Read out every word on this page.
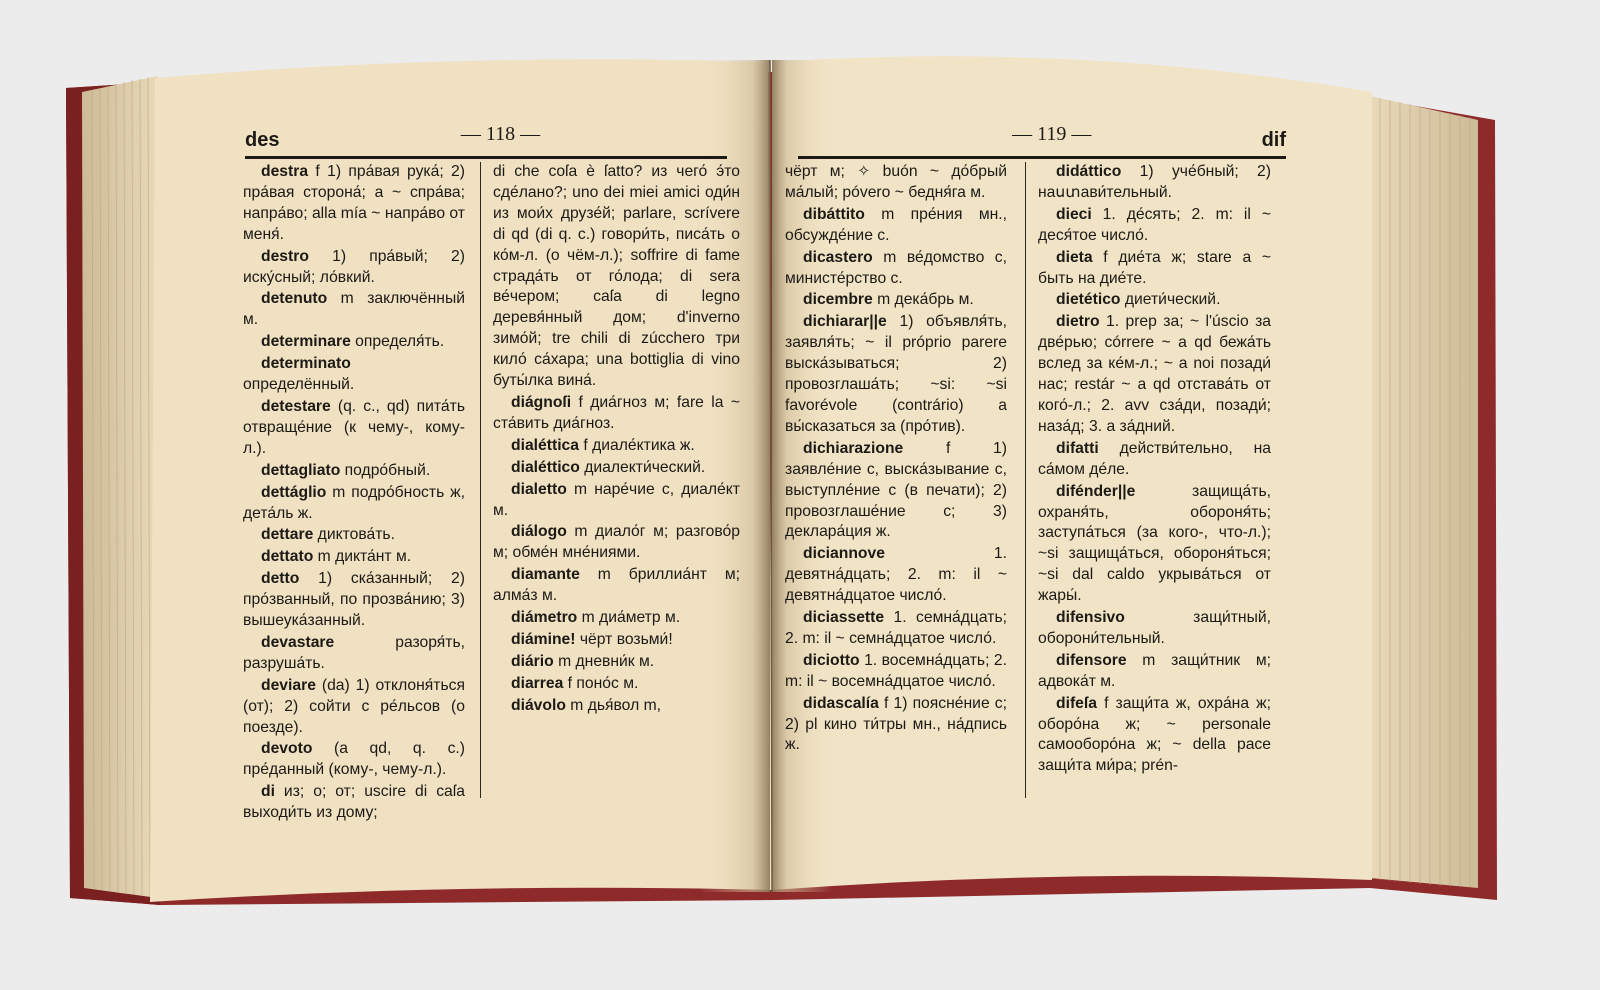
des	— 118 —

destra f 1) пра́вая рука́; 2) пра́вая сторона́; а ~ спра́ва; напра́во; alla mía ~ напра́во от меня́.

destro 1) пра́вый; 2) иску́сный; ло́вкий.

detenuto m заключённый м.

determinare определя́ть.

determinato определённый.

detestare (q. c., qd) пита́ть отвраще́ние (к чему-, кому-л.).

dettagliato подро́бный.

dettáglio m подро́бность ж, дета́ль ж.

dettare диктова́ть.

dettato m дикта́нт м.

detto 1) ска́занный; 2) про́званный, по прозва́нию; 3) вышеука́занный.

devastare разоря́ть, разруша́ть.

deviare (da) 1) отклоня́ться (от); 2) сойти с ре́льсов (о поезде).

devoto (a qd, q. c.) пре́данный (кому-, чему-л.).

di из; о; от; uscire di caſa выходи́ть из дому;

di che coſa è ſatto? из чего́ э́то сде́лано?; uno dei miei amici оди́н из мои́х друзе́й; parlare, scrívere di qd (di q. c.) говори́ть, писа́ть о ко́м-л. (о чём-л.); soffrire di fame страда́ть от го́лода; di sera ве́чером; caſa di legno деревя́нный дом; d'inverno зимо́й; tre chili di zúcchero три кило́ са́хара; una bottiglia di vino буты́лка вина́.

diágnoſi f диа́гноз м; fare la ~ ста́вить диа́гноз.

dialéttica f диале́ктика ж.

dialéttico диалекти́ческий.

dialetto m наре́чие с, диале́кт м.

diálogo m диало́г м; разгово́р м; обме́н мне́ниями.

diamante m бриллиа́нт м; алма́з м.

diámetro m диа́метр м.

diámine! чёрт возьми́!

diário m дневни́к м.

diarrea f поно́с м.

diávolo m дья́вол m,

— 119 —	dif

чёрт м; ✧ buón ~ до́брый ма́лый; póvero ~ бедня́га м.

dibáttito m пре́ния мн., обсужде́ние с.

dicastero m ве́домство с, министе́рство с.

dicembre m дека́брь м.

dichiarar||e 1) объявля́ть, заявля́ть; ~ il próprio parere выска́зываться; 2) провозглаша́ть; ~si: ~si favorévole (contrário) a вы́сказаться за (про́тив).

dichiarazione f 1) заявле́ние с, выска́зывание с, выступле́ние с (в печати); 2) провозглаше́ние с; 3) деклара́ция ж.

diciannove 1. девятна́дцать; 2. m: il ~ девятна́дцатое число́.

diciassette 1. семна́дцать; 2. m: il ~ семна́дцатое число́.

diciotto 1. восемна́дцать; 2. m: il ~ восемна́дцатое число́.

didascalía f 1) поясне́ние с; 2) pl кино ти́тры мн., на́дпись ж.

didáttico 1) уче́бный; 2) наստави́тельный.

dieci 1. де́сять; 2. m: il ~ деся́тое число́.

dieta f дие́та ж; stare a ~ быть на дие́те.

dietético диети́ческий.

dietro 1. prep за; ~ l'úscio за две́рью; córrere ~ a qd бежа́ть вслед за ке́м-л.; ~ a noi позади́ нас; restár ~ a qd отстава́ть от кого́-л.; 2. avv сза́ди, позади́; наза́д; 3. a за́дний.

difatti действи́тельно, на са́мом де́ле.

difénder||e защища́ть, охраня́ть, обороня́ть; заступа́ться (за кого-, что-л.); ~si защища́ться, обороня́ться; ~si dal caldo укрыва́ться от жары́.

difensivo защи́тный, оборони́тельный.

difensore m защи́тник м; адвока́т м.

difeſa f защи́та ж, охра́на ж; оборо́на ж; ~ personale самооборо́на ж; ~ della pace защи́та ми́ра; prén-
